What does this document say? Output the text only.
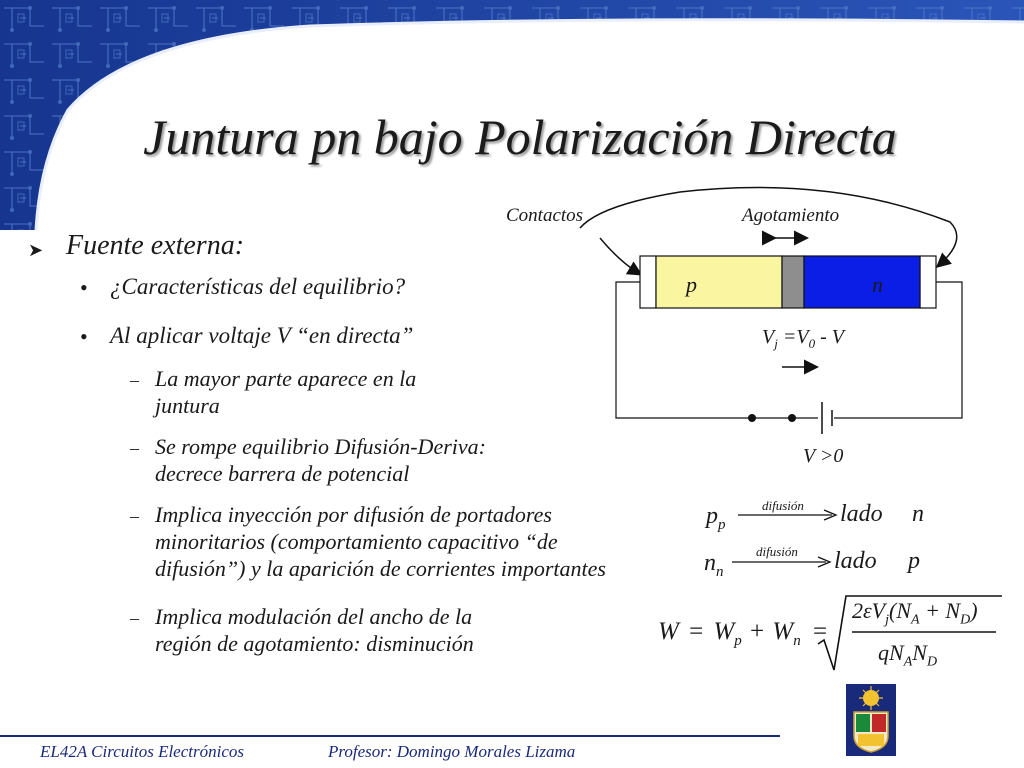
Juntura pn bajo Polarización Directa
➤ Fuente externa:
• ¿Características del equilibrio?
• Al aplicar voltaje V “en directa”
– La mayor parte aparece en la
juntura
– Se rompe equilibrio Difusión-Deriva:
decrece barrera de potencial
– Implica inyección por difusión de portadores
minoritarios (comportamiento capacitivo “de
difusión”) y la aparición de corrientes importantes
– Implica modulación del ancho de la
región de agotamiento: disminución
Contactos	Agotamiento
p	n
$V_j =V_0 - V$
V >0
$p_p$
difusión lado n
$n_n$
difusión lado p
$W = W_p + W_n$ =
$2\varepsilon V_j(N_A + N_D)$
$qN_AN_D$
EL42A Circuitos Electrónicos	Profesor: Domingo Morales Lizama
